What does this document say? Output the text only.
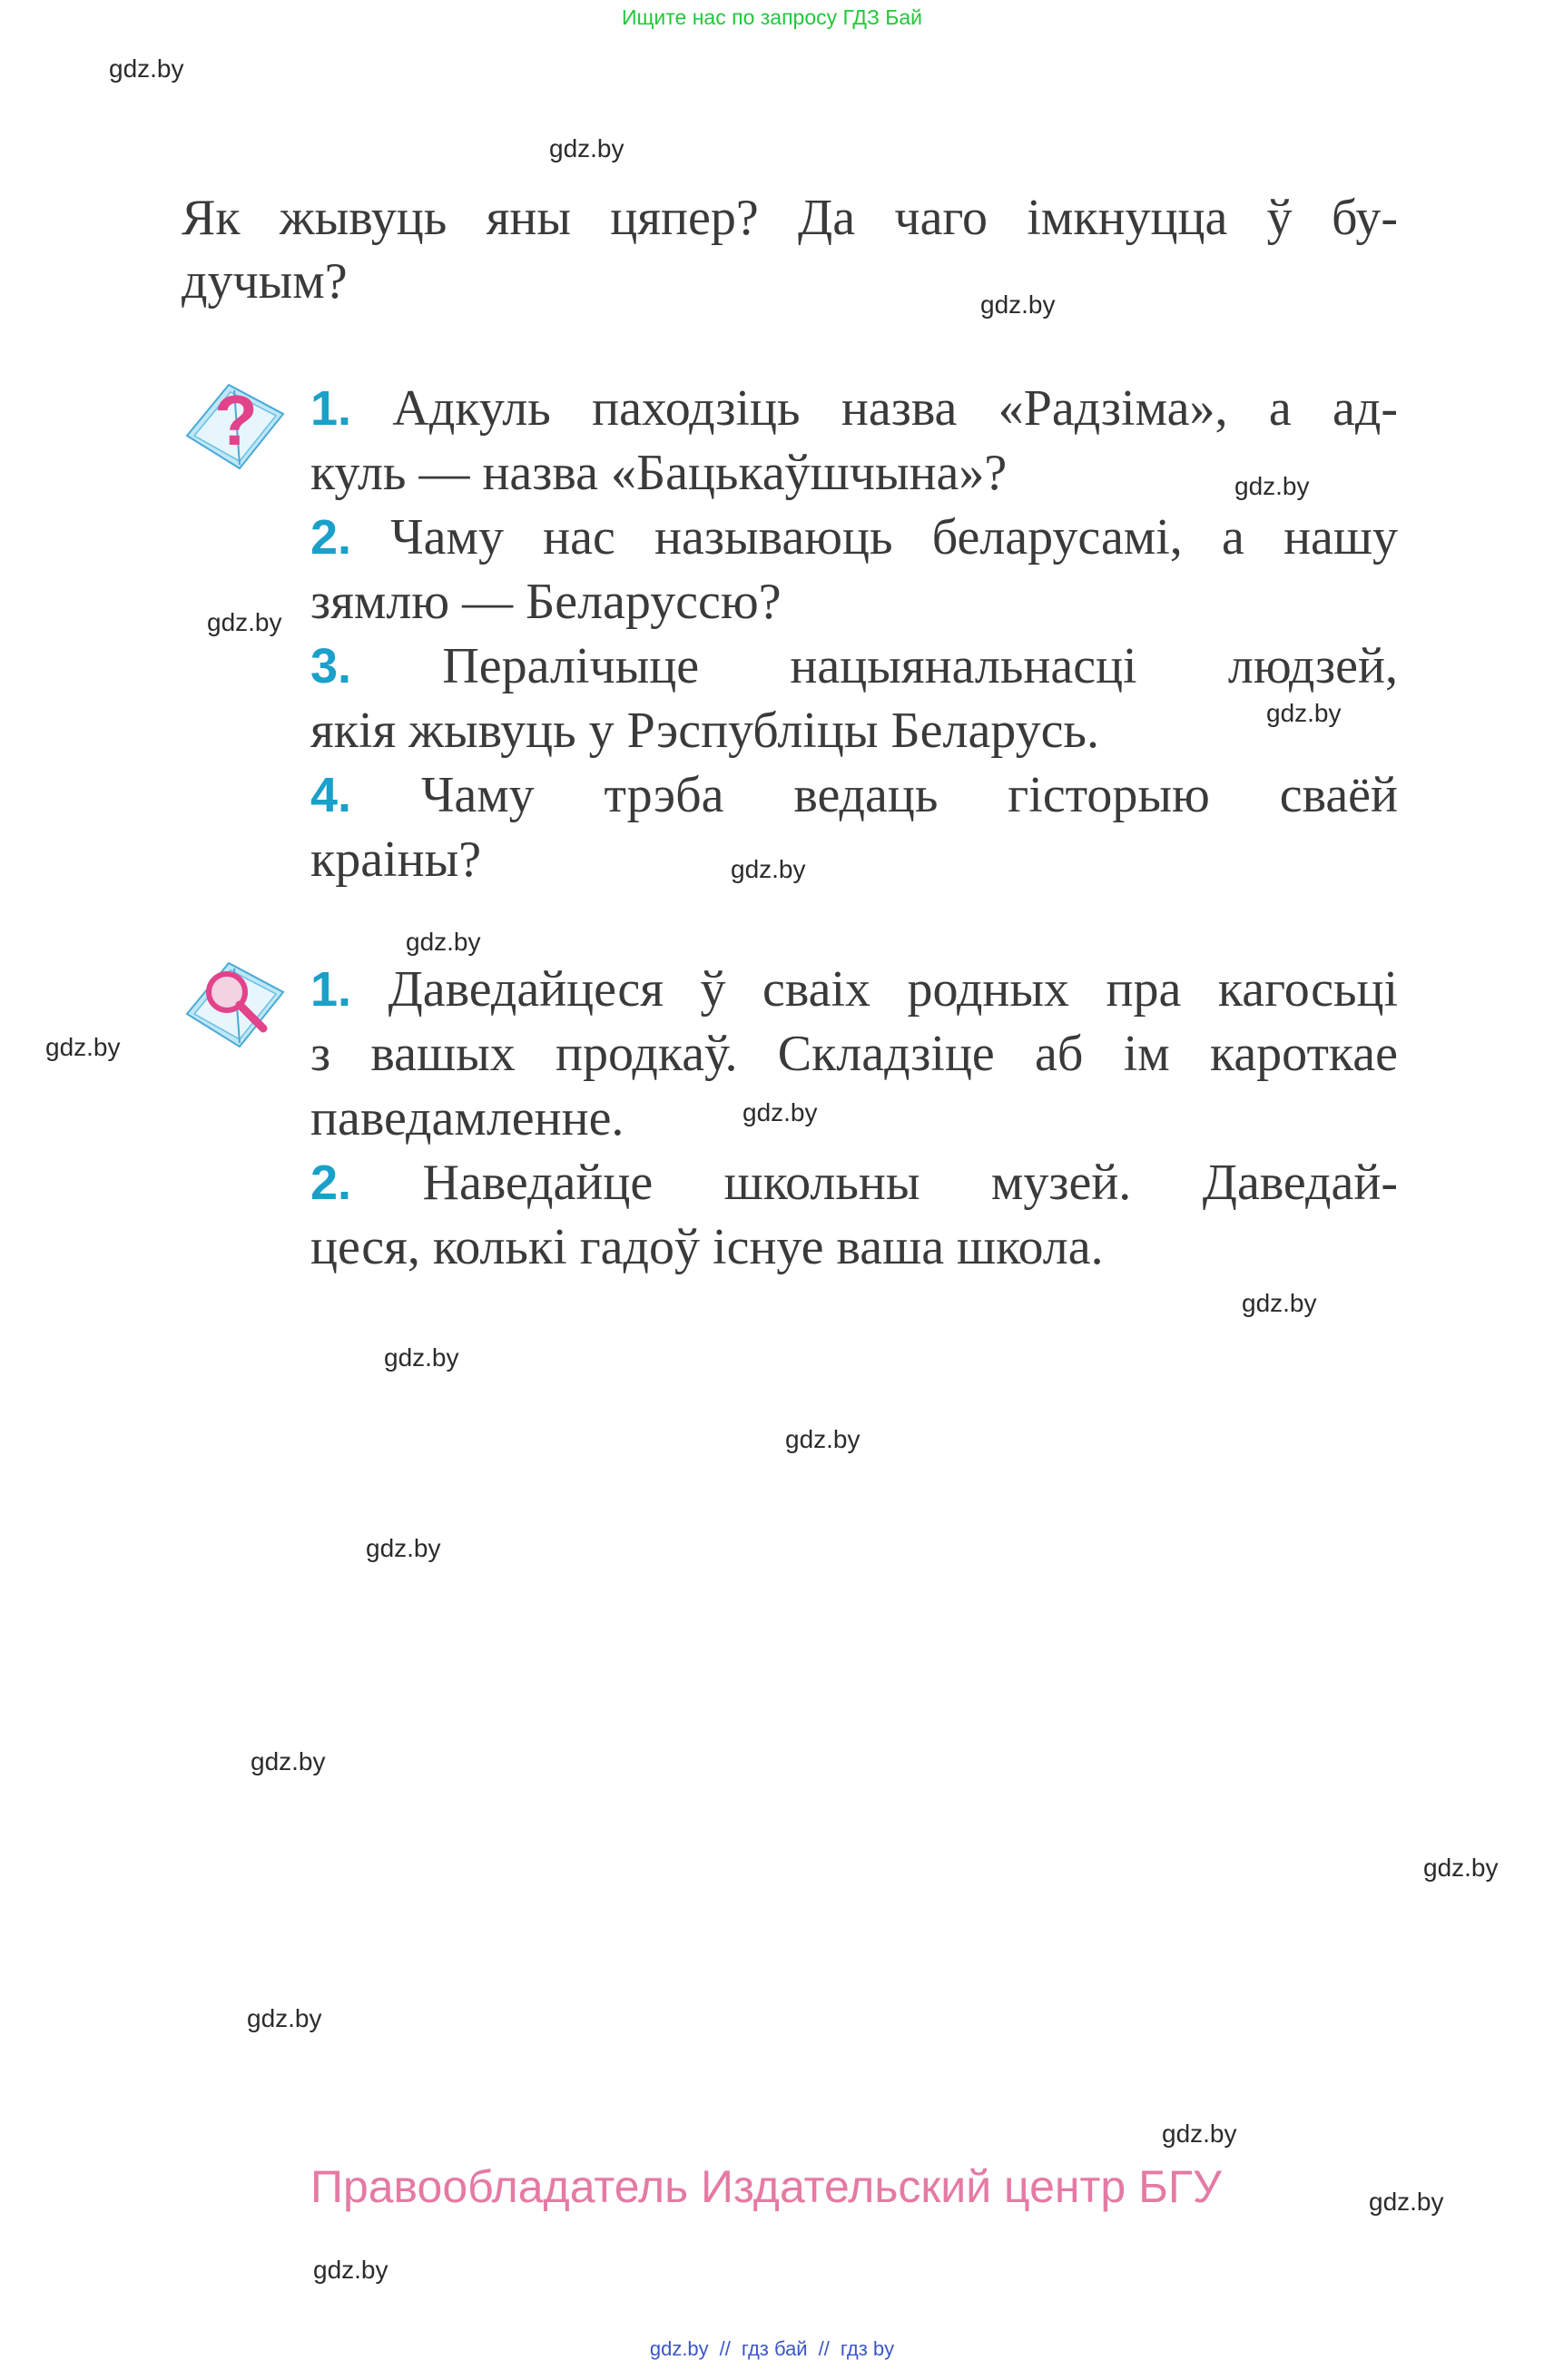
Ищите нас по запросу ГДЗ Бай
gdz.by
gdz.by
gdz.by
gdz.by
gdz.by
gdz.by
gdz.by
gdz.by
gdz.by
gdz.by
gdz.by
gdz.by
gdz.by
gdz.by
gdz.by
gdz.by
gdz.by
gdz.by
gdz.by
gdz.by

Як жывуць яны цяпер? Да чаго імкнуцца ў бу-
дучым?

? 1. Адкуль паходзіць назва «Радзіма», а ад-
куль — назва «Бацькаўшчына»?
2. Чаму нас называюць беларусамі, а нашу
зямлю — Беларуссю?
3. Пералічыце нацыянальнасці людзей,
якія жывуць у Рэспубліцы Беларусь.
4. Чаму трэба ведаць гісторыю сваёй
краіны?
1. Даведайцеся ў сваіх родных пра кагосьці
з вашых продкаў. Складзіце аб ім кароткае
паведамленне.
2. Наведайце школьны музей. Даведай-
цеся, колькі гадоў існуе ваша школа.
Правообладатель Издательский центр БГУ
gdz.by // гдз бай // гдз by
